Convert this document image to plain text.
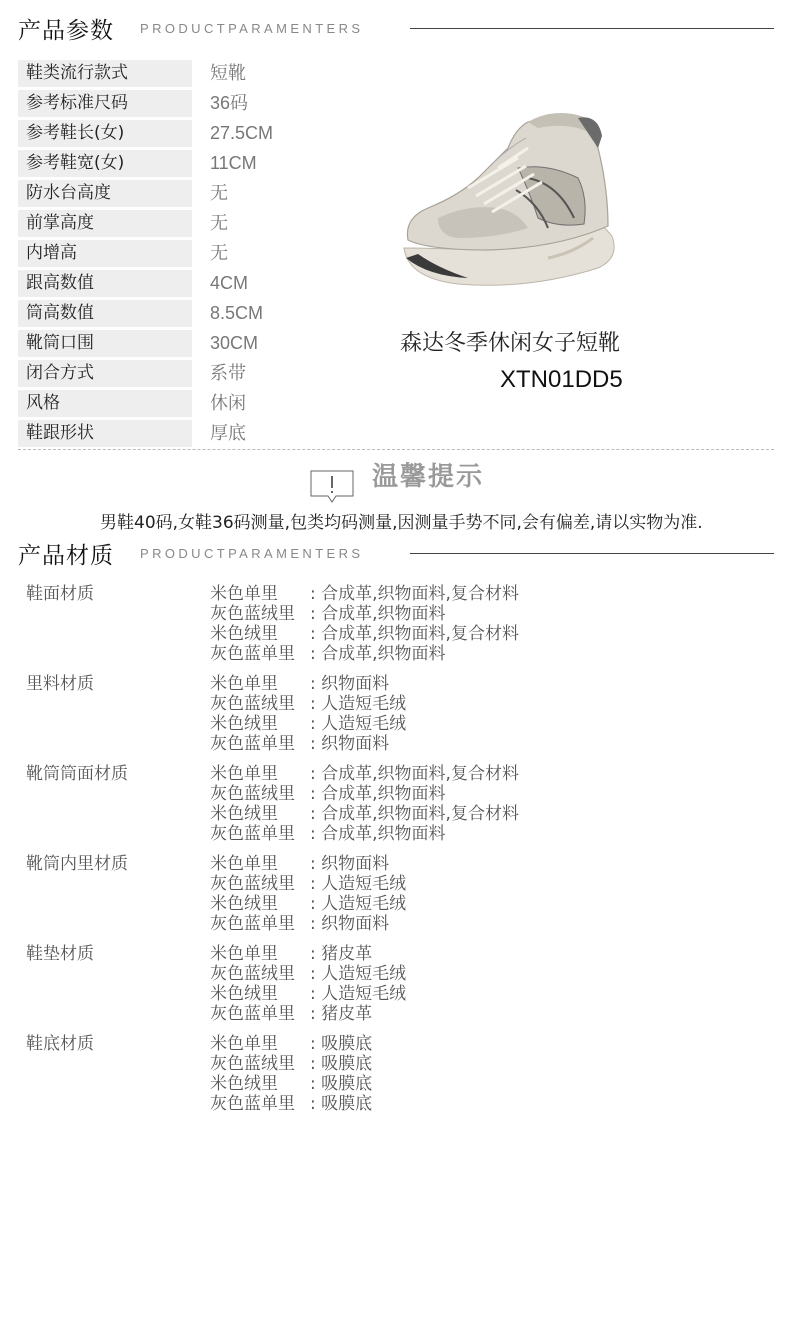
产品参数 PRODUCTPARAMENTERS
鞋类流行款式	短靴
参考标准尺码	36码
参考鞋长(女)	27.5CM
参考鞋宽(女)	11CM
防水台高度	无
前掌高度	无
内增高	无
跟高数值	4CM
筒高数值	8.5CM
靴筒口围	30CM
闭合方式	系带
风格	休闲
鞋跟形状	厚底
森达冬季休闲女子短靴
XTN01DD5
温馨提示
男鞋40码,女鞋36码测量,包类均码测量,因测量手势不同,会有偏差,请以实物为准.
产品材质 PRODUCTPARAMENTERS
鞋面材质	米色单里: 合成革,织物面料,复合材料
灰色蓝绒里 : 合成革,织物面料
米色绒里: 合成革,织物面料,复合材料
灰色蓝单里 : 合成革,织物面料
里料材质	米色单里: 织物面料
灰色蓝绒里 : 人造短毛绒
米色绒里: 人造短毛绒
灰色蓝单里 : 织物面料
靴筒筒面材质	米色单里: 合成革,织物面料,复合材料
灰色蓝绒里 : 合成革,织物面料
米色绒里: 合成革,织物面料,复合材料
灰色蓝单里 : 合成革,织物面料
靴筒内里材质	米色单里: 织物面料
灰色蓝绒里 : 人造短毛绒
米色绒里: 人造短毛绒
灰色蓝单里 : 织物面料
鞋垫材质	米色单里: 猪皮革
灰色蓝绒里 : 人造短毛绒
米色绒里: 人造短毛绒
灰色蓝单里 : 猪皮革
鞋底材质	米色单里: 吸膜底
灰色蓝绒里 : 吸膜底
米色绒里: 吸膜底
灰色蓝单里 : 吸膜底
